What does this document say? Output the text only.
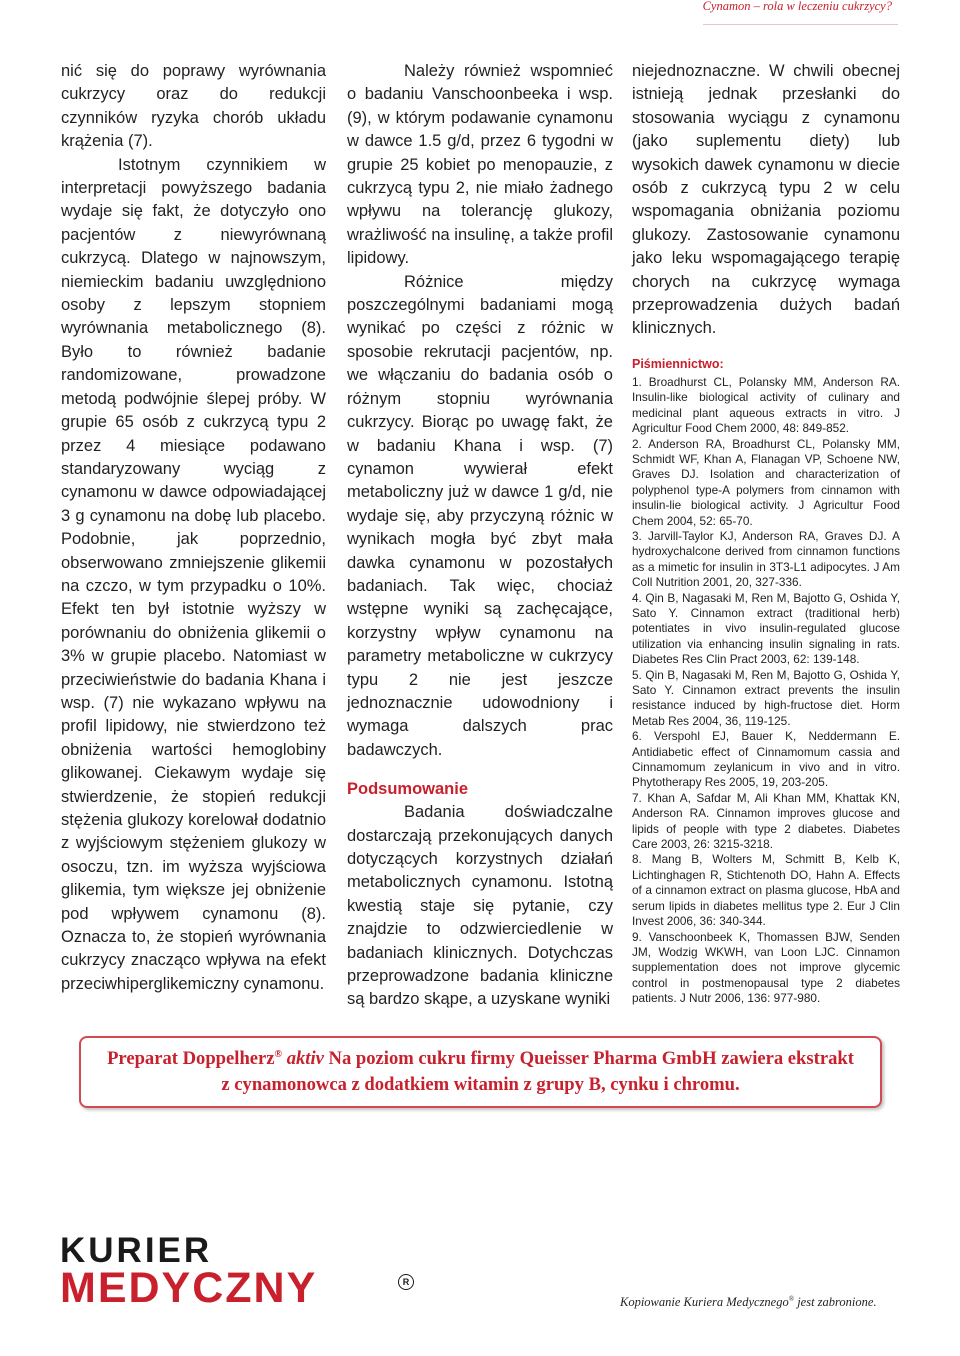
Cynamon – rola w leczeniu cukrzycy?

nić się do poprawy wyrównania cukrzycy oraz do redukcji czynników ryzyka chorób układu krążenia (7).

Istotnym czynnikiem w interpretacji powyższego badania wydaje się fakt, że dotyczyło ono pacjentów z niewyrównaną cukrzycą. Dlatego w najnowszym, niemieckim badaniu uwzględniono osoby z lepszym stopniem wyrównania metabolicznego (8). Było to również badanie randomizowane, prowadzone metodą podwójnie ślepej próby. W grupie 65 osób z cukrzycą typu 2 przez 4 miesiące podawano standaryzowany wyciąg z cynamonu w dawce odpowiadającej 3 g cynamonu na dobę lub placebo. Podobnie, jak poprzednio, obserwowano zmniejszenie glikemii na czczo, w tym przypadku o 10%. Efekt ten był istotnie wyższy w porównaniu do obniżenia glikemii o 3% w grupie placebo. Natomiast w przeciwieństwie do badania Khana i wsp. (7) nie wykazano wpływu na profil lipidowy, nie stwierdzono też obniżenia wartości hemoglobiny glikowanej. Ciekawym wydaje się stwierdzenie, że stopień redukcji stężenia glukozy korelował dodatnio z wyjściowym stężeniem glukozy w osoczu, tzn. im wyższa wyjściowa glikemia, tym większe jej obniżenie pod wpływem cynamonu (8). Oznacza to, że stopień wyrównania cukrzycy znacząco wpływa na efekt przeciwhiperglikemiczny cynamonu.

Należy również wspomnieć o badaniu Vanschoonbeeka i wsp. (9), w którym podawanie cynamonu w dawce 1.5 g/d, przez 6 tygodni w grupie 25 kobiet po menopauzie, z cukrzycą typu 2, nie miało żadnego wpływu na tolerancję glukozy, wrażliwość na insulinę, a także profil lipidowy.

Różnice między poszczególnymi badaniami mogą wynikać po części z różnic w sposobie rekrutacji pacjentów, np. we włączaniu do badania osób o różnym stopniu wyrównania cukrzycy. Biorąc po uwagę fakt, że w badaniu Khana i wsp. (7) cynamon wywierał efekt metaboliczny już w dawce 1 g/d, nie wydaje się, aby przyczyną różnic w wynikach mogła być zbyt mała dawka cynamonu w pozostałych badaniach. Tak więc, chociaż wstępne wyniki są zachęcające, korzystny wpływ cynamonu na parametry metaboliczne w cukrzycy typu 2 nie jest jeszcze jednoznacznie udowodniony i wymaga dalszych prac badawczych.

Podsumowanie

Badania doświadczalne dostarczają przekonujących danych dotyczących korzystnych działań metabolicznych cynamonu. Istotną kwestią staje się pytanie, czy znajdzie to odzwierciedlenie w badaniach klinicznych. Dotychczas przeprowadzone badania kliniczne są bardzo skąpe, a uzyskane wyniki

niejednoznaczne. W chwili obecnej istnieją jednak przesłanki do stosowania wyciągu z cynamonu (jako suplementu diety) lub wysokich dawek cynamonu w diecie osób z cukrzycą typu 2 w celu wspomagania obniżania poziomu glukozy. Zastosowanie cynamonu jako leku wspomagającego terapię chorych na cukrzycę wymaga przeprowadzenia dużych badań klinicznych.

Piśmiennictwo:
1. Broadhurst CL, Polansky MM, Anderson RA. Insulin-like biological activity of culinary and medicinal plant aqueous extracts in vitro. J Agricultur Food Chem 2000, 48: 849-852.
2. Anderson RA, Broadhurst CL, Polansky MM, Schmidt WF, Khan A, Flanagan VP, Schoene NW, Graves DJ. Isolation and characterization of polyphenol type-A polymers from cinnamon with insulin-lie biological activity. J Agricultur Food Chem 2004, 52: 65-70.
3. Jarvill-Taylor KJ, Anderson RA, Graves DJ. A hydroxychalcone derived from cinnamon functions as a mimetic for insulin in 3T3-L1 adipocytes. J Am Coll Nutrition 2001, 20, 327-336.
4. Qin B, Nagasaki M, Ren M, Bajotto G, Oshida Y, Sato Y. Cinnamon extract (traditional herb) potentiates in vivo insulin-regulated glucose utilization via enhancing insulin signaling in rats. Diabetes Res Clin Pract 2003, 62: 139-148.
5. Qin B, Nagasaki M, Ren M, Bajotto G, Oshida Y, Sato Y. Cinnamon extract prevents the insulin resistance induced by high-fructose diet. Horm Metab Res 2004, 36, 119-125.
6. Verspohl EJ, Bauer K, Neddermann E. Antidiabetic effect of Cinnamomum cassia and Cinnamomum zeylanicum in vivo and in vitro. Phytotherapy Res 2005, 19, 203-205.
7. Khan A, Safdar M, Ali Khan MM, Khattak KN, Anderson RA. Cinnamon improves glucose and lipids of people with type 2 diabetes. Diabetes Care 2003, 26: 3215-3218.
8. Mang B, Wolters M, Schmitt B, Kelb K, Lichtinghagen R, Stichtenoth DO, Hahn A. Effects of a cinnamon extract on plasma glucose, HbA and serum lipids in diabetes mellitus type 2. Eur J Clin Invest 2006, 36: 340-344.
9. Vanschoonbeek K, Thomassen BJW, Senden JM, Wodzig WKWH, van Loon LJC. Cinnamon supplementation does not improve glycemic control in postmenopausal type 2 diabetes patients. J Nutr 2006, 136: 977-980.
Preparat Doppelherz® aktiv Na poziom cukru firmy Queisser Pharma GmbH zawiera ekstrakt
z cynamonowca z dodatkiem witamin z grupy B, cynku i chromu.
KURIER
MEDYCZNY	R
Kopiowanie Kuriera Medycznego® jest zabronione.
